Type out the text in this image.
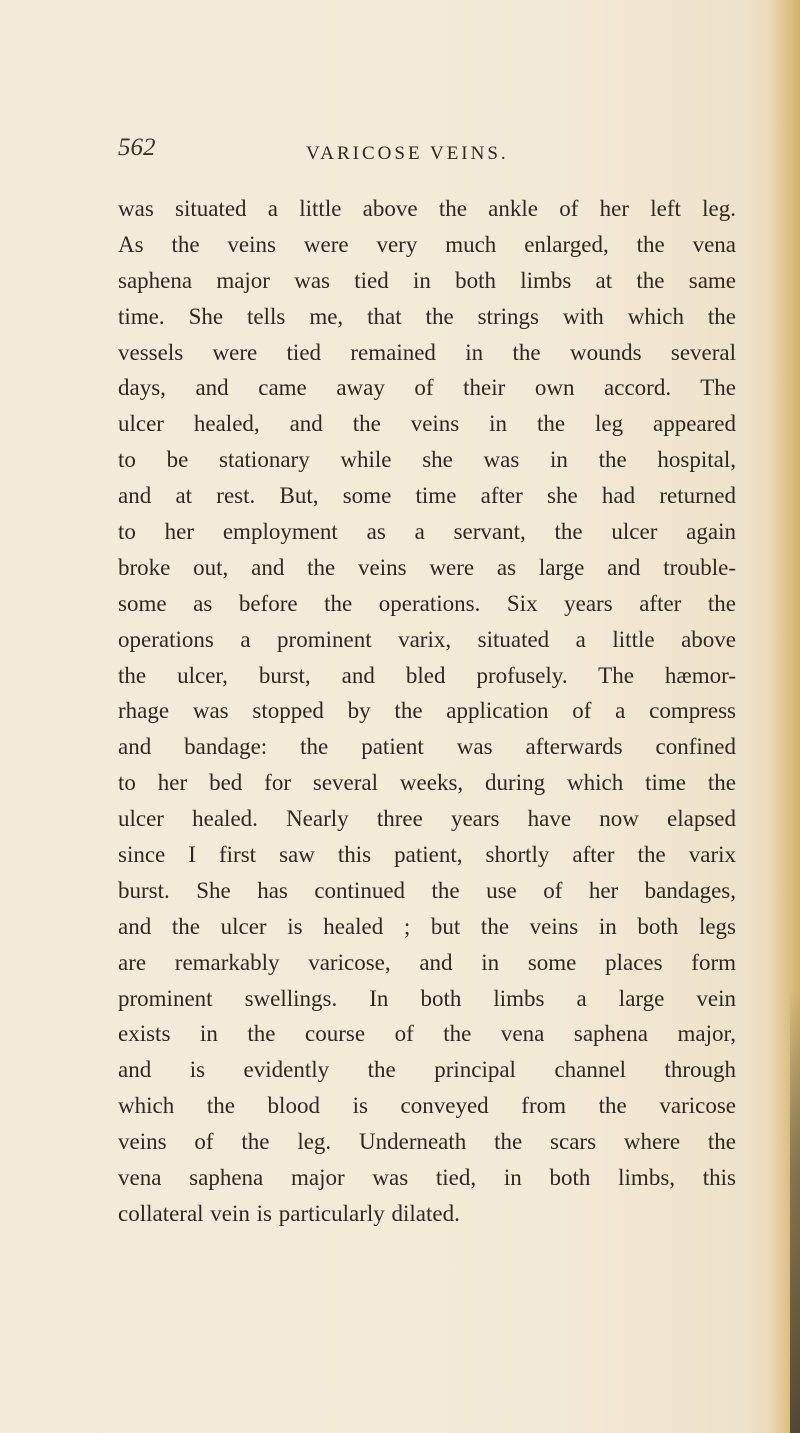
562	VARICOSE VEINS.
was situated a little above the ankle of her left leg.
As the veins were very much enlarged, the vena
saphena major was tied in both limbs at the same
time. She tells me, that the strings with which the
vessels were tied remained in the wounds several
days, and came away of their own accord. The
ulcer healed, and the veins in the leg appeared
to be stationary while she was in the hospital,
and at rest. But, some time after she had returned
to her employment as a servant, the ulcer again
broke out, and the veins were as large and trouble-
some as before the operations. Six years after the
operations a prominent varix, situated a little above
the ulcer, burst, and bled profusely. The hæmor-
rhage was stopped by the application of a compress
and bandage: the patient was afterwards confined
to her bed for several weeks, during which time the
ulcer healed. Nearly three years have now elapsed
since I first saw this patient, shortly after the varix
burst. She has continued the use of her bandages,
and the ulcer is healed ; but the veins in both legs
are remarkably varicose, and in some places form
prominent swellings. In both limbs a large vein
exists in the course of the vena saphena major,
and is evidently the principal channel through
which the blood is conveyed from the varicose
veins of the leg. Underneath the scars where the
vena saphena major was tied, in both limbs, this
collateral vein is particularly dilated.
